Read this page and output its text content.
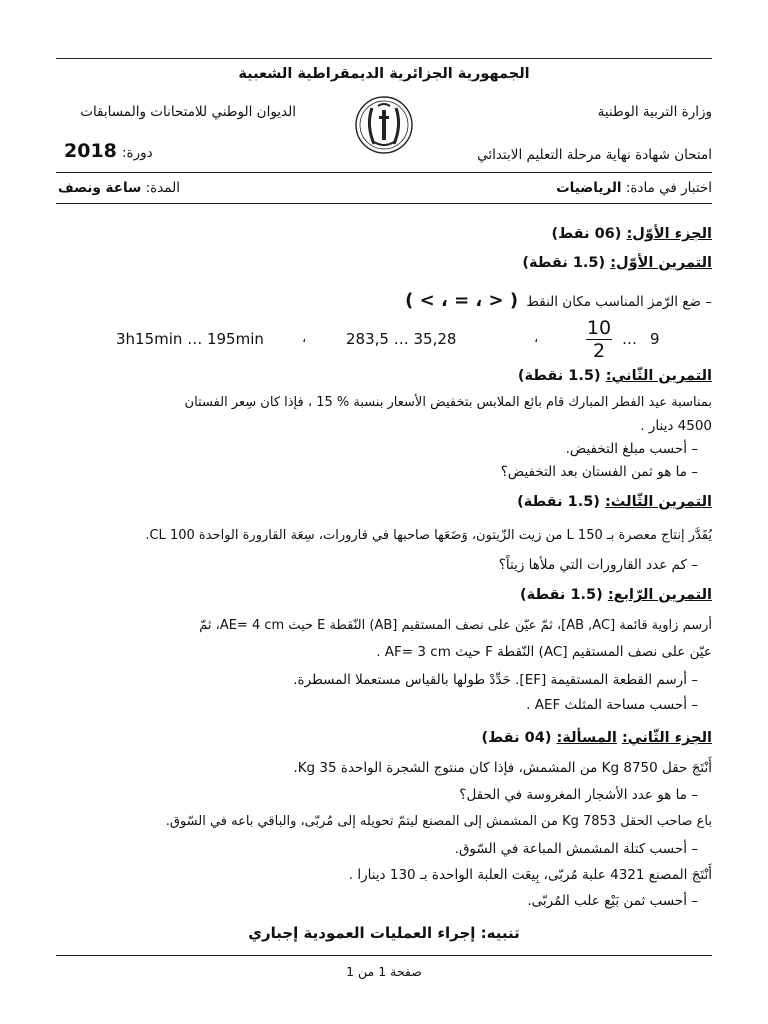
الجمهورية الجزائرية الديمقراطية الشعبية
وزارة التربية الوطنية
الديوان الوطني للامتحانات والمسابقات
امتحان شهادة نهاية مرحلة التعليم الابتدائي
دورة: 2018
اختبار في مادة: الرياضيات
المدة: ساعة ونصف
الجزء الأوّل: (06 نقط)
التمرين الأوّل: (1.5 نقطة)
– ضع الرّمز المناسب مكان النقط ( < ، = ، > )
3h15min … 195min	،	283,5 … 35,28	،	10
2
… 9
التمرين الثّاني: (1.5 نقطة)
بمناسبة عيد الفطر المبارك قام بائع الملابس بتخفيض الأسعار بنسبة % 15 ، فإذا كان سِعر الفستان
4500 دينار .
– أحسب مبلغ التخفيض.
– ما هو ثمن الفستان بعد التخفيض؟
التمرين الثّالث: (1.5 نقطة)
يُقَدَّر إنتاج معصرة بـ 150 L من زيت الزّيتون، وَضَعَها صاحبها في قارورات، سِعَة القارورة الواحدة 100 CL.
– كم عدد القارورات التي ملأها زيتاً؟
التمرين الرّابع: (1.5 نقطة)
أرسم زاوية قائمة [AB ,AC]، ثمّ عيّن على نصف المستقيم [AB) النّقطة E حيث AE= 4 cm، ثمّ
عيّن على نصف المستقيم [AC) النّقطة F حيث AF= 3 cm .
– أرسم القطعة المستقيمة [EF]. حَدِّدْ طولها بالقياس مستعملا المسطرة.
– أحسب مساحة المثلث AEF .
الجزء الثّاني: المسألة: (04 نقط)
أَنْتَجَ حقل 8750 Kg من المشمش، فإذا كان منتوج الشجرة الواحدة 35 Kg.
– ما هو عدد الأشجار المغروسة في الحقل؟
باع صاحب الحقل 7853 Kg من المشمش إلى المصنع ليتمّ تحويله إلى مُربّى، والباقي باعه في السّوق.
– أحسب كتلة المشمش المباعة في السّوق.
أَنْتَجَ المصنع 4321 علبة مُربّى، بِيعَت العلبة الواحدة بـ 130 دينارا .
– أحسب ثمن بَيْع علب المُربّى.
تنبيه: إجراء العمليات العمودية إجباري
صفحة 1 من 1
